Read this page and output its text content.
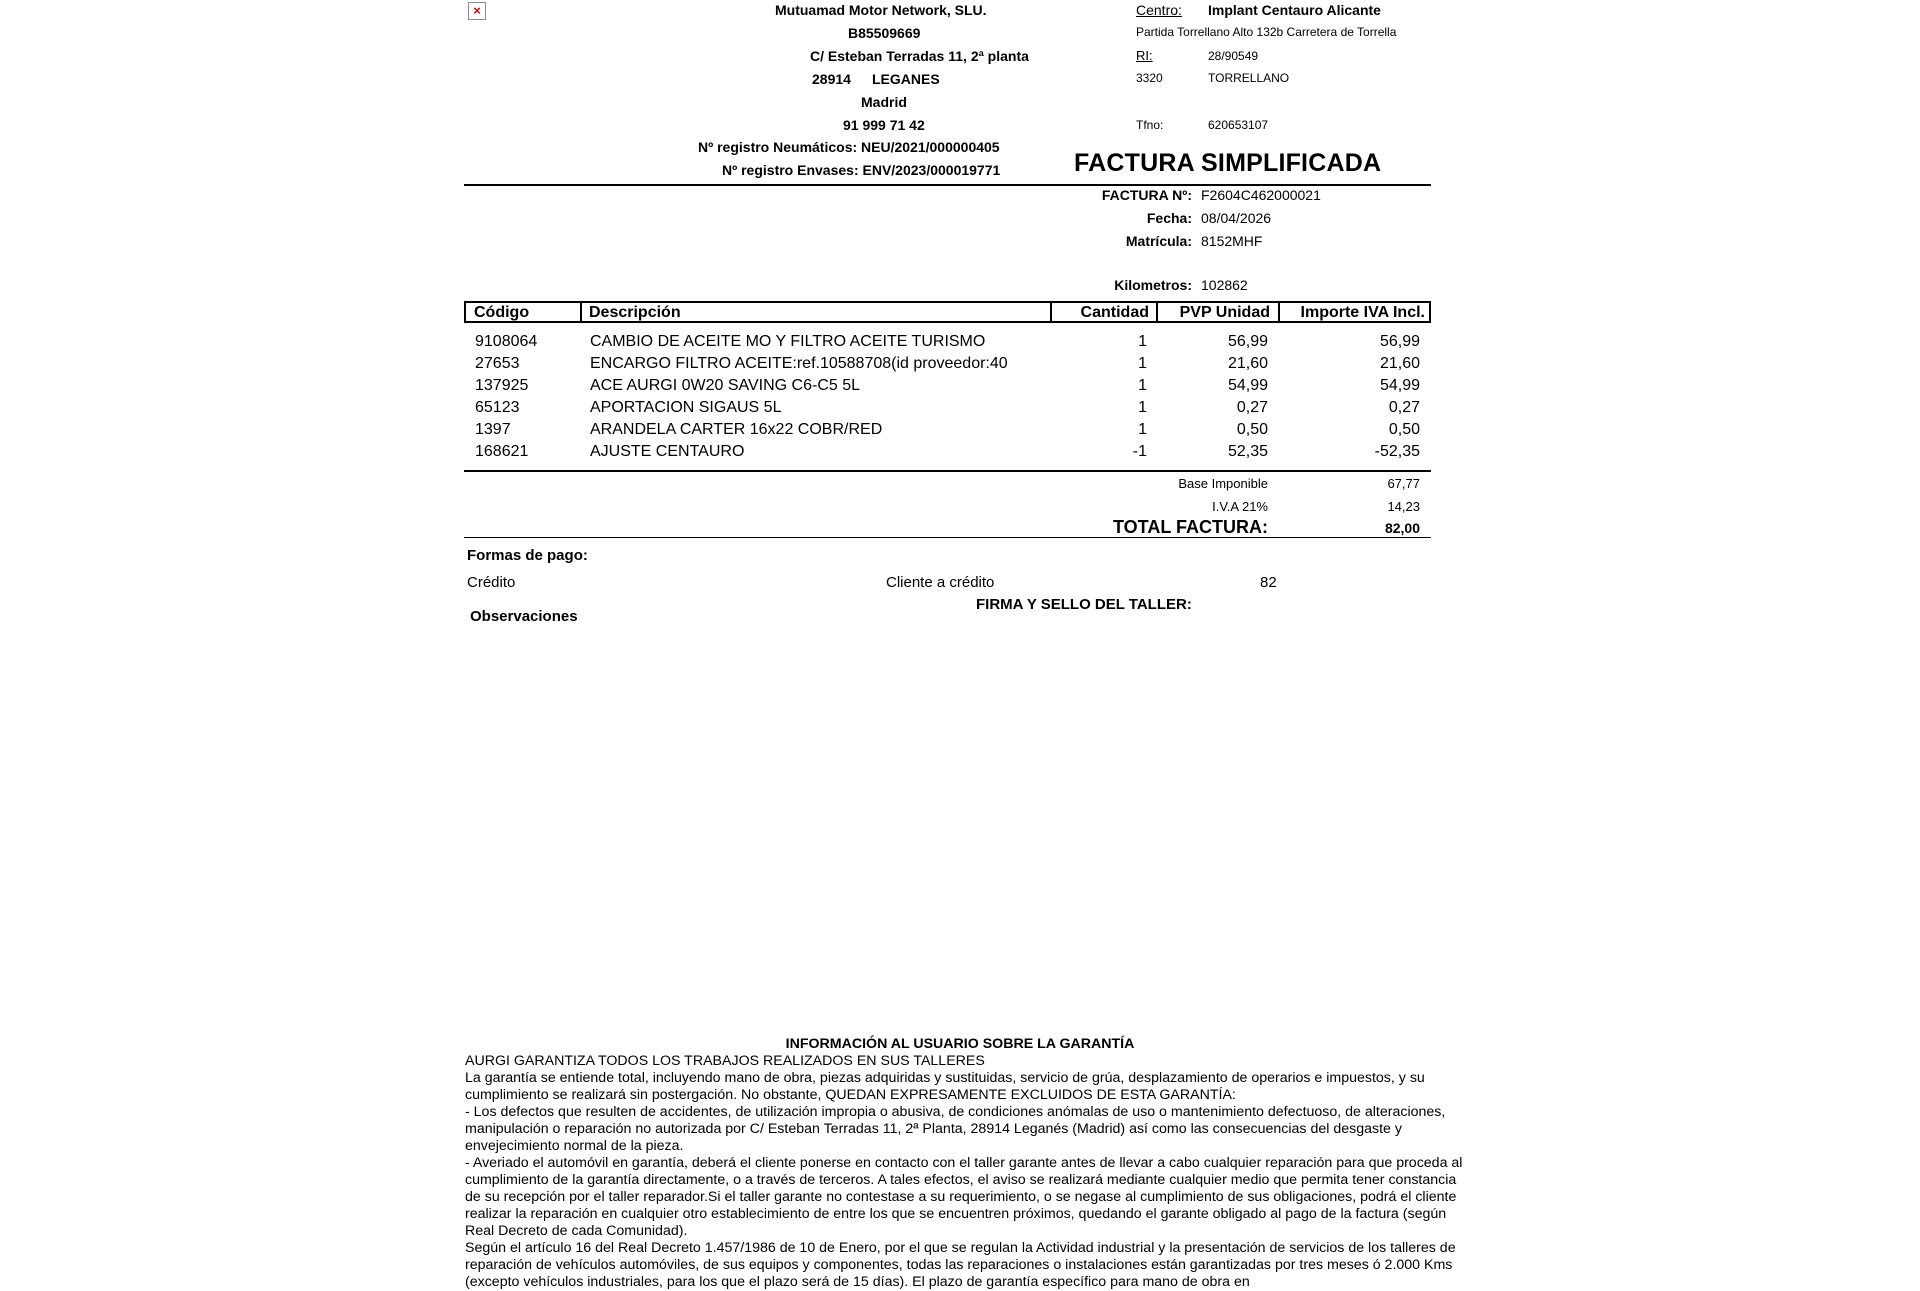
×	Mutuamad Motor Network, SLU.
B85509669
C/ Esteban Terradas 11, 2ª planta
28914 LEGANES
Madrid
91 999 71 42
Nº registro Neumáticos: NEU/2021/000000405
Nº registro Envases: ENV/2023/000019771
Centro: Implant Centauro Alicante
Partida Torrellano Alto 132b Carretera de Torrella
RI:	28/90549
3320	TORRELLANO
Tfno:	620653107
FACTURA SIMPLIFICADA
FACTURA Nº: F2604C462000021
Fecha: 08/04/2026
Matrícula: 8152MHF
Kilometros: 102862
Código	Descripción	Cantidad	PVP Unidad	Importe IVA Incl.
9108064	CAMBIO DE ACEITE MO Y FILTRO ACEITE TURISMO	1	56,99	56,99
27653	ENCARGO FILTRO ACEITE:ref.10588708(id proveedor:40	1	21,60	21,60
137925	ACE AURGI 0W20 SAVING C6-C5 5L	1	54,99	54,99
65123	APORTACION SIGAUS 5L	1	0,27	0,27
1397	ARANDELA CARTER 16x22 COBR/RED	1	0,50	0,50
168621	AJUSTE CENTAURO	-1	52,35	-52,35
Base Imponible	67,77
I.V.A 21%	14,23
TOTAL FACTURA:	82,00
Formas de pago:
Crédito	Cliente a crédito	82
FIRMA Y SELLO DEL TALLER:
Observaciones

INFORMACIÓN AL USUARIO SOBRE LA GARANTÍA

AURGI GARANTIZA TODOS LOS TRABAJOS REALIZADOS EN SUS TALLERES

La garantía se entiende total, incluyendo mano de obra, piezas adquiridas y sustituidas, servicio de grúa, desplazamiento de operarios e impuestos, y su cumplimiento se realizará sin postergación. No obstante, QUEDAN EXPRESAMENTE EXCLUIDOS DE ESTA GARANTÍA:

- Los defectos que resulten de accidentes, de utilización impropia o abusiva, de condiciones anómalas de uso o mantenimiento defectuoso, de alteraciones, manipulación o reparación no autorizada por C/ Esteban Terradas 11, 2ª Planta, 28914 Leganés (Madrid) así como las consecuencias del desgaste y envejecimiento normal de la pieza.

- Averiado el automóvil en garantía, deberá el cliente ponerse en contacto con el taller garante antes de llevar a cabo cualquier reparación para que proceda al cumplimiento de la garantía directamente, o a través de terceros. A tales efectos, el aviso se realizará mediante cualquier medio que permita tener constancia de su recepción por el taller reparador.Si el taller garante no contestase a su requerimiento, o se negase al cumplimiento de sus obligaciones, podrá el cliente realizar la reparación en cualquier otro establecimiento de entre los que se encuentren próximos, quedando el garante obligado al pago de la factura (según Real Decreto de cada Comunidad).

Según el artículo 16 del Real Decreto 1.457/1986 de 10 de Enero, por el que se regulan la Actividad industrial y la presentación de servicios de los talleres de reparación de vehículos automóviles, de sus equipos y componentes, todas las reparaciones o instalaciones están garantizadas por tres meses ó 2.000 Kms (excepto vehículos industriales, para los que el plazo será de 15 días). El plazo de garantía específico para mano de obra en
